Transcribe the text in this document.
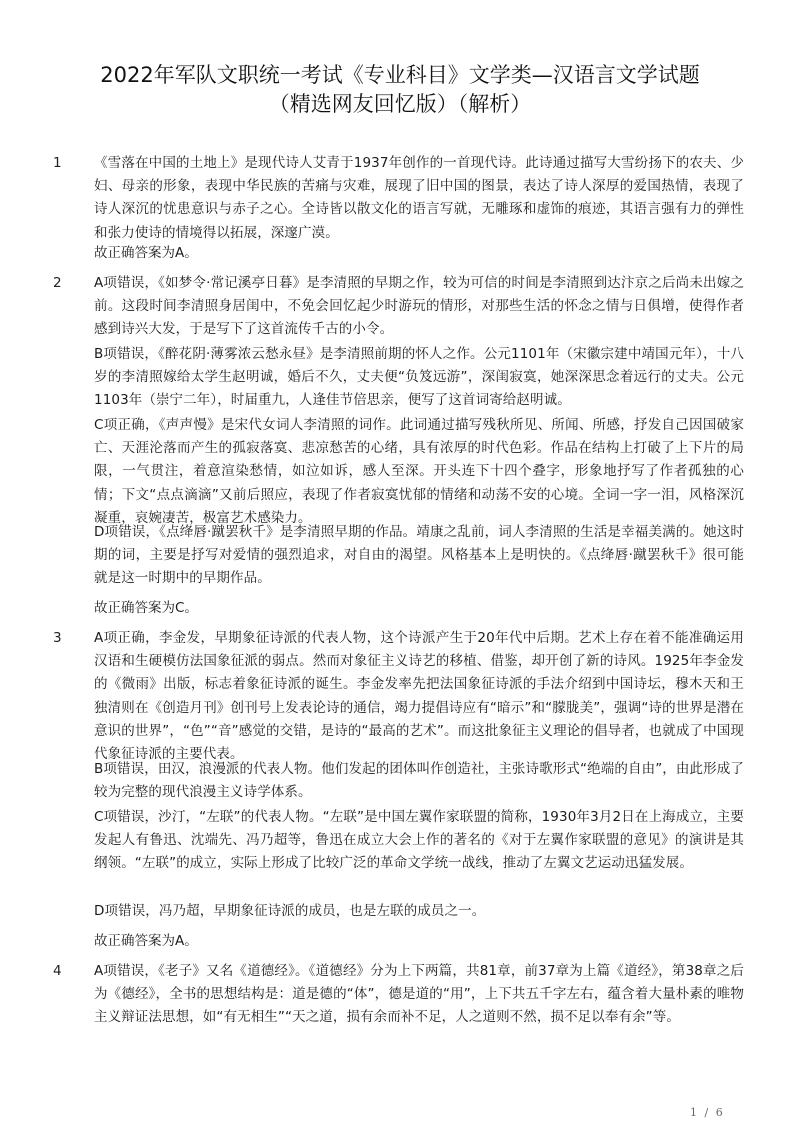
2022年军队文职统一考试《专业科目》文学类—汉语言文学试题
（精选网友回忆版）（解析）
1 《雪落在中国的土地上》是现代诗人艾青于1937年创作的一首现代诗。此诗通过描写大雪纷扬下的农夫、少妇、母亲的形象，表现中华民族的苦痛与灾难，展现了旧中国的图景，表达了诗人深厚的爱国热情，表现了诗人深沉的忧患意识与赤子之心。全诗皆以散文化的语言写就，无雕琢和虚饰的痕迹，其语言强有力的弹性和张力使诗的情境得以拓展，深邃广漠。
故正确答案为A。
2 A项错误，《如梦令·常记溪亭日暮》是李清照的早期之作，较为可信的时间是李清照到达汴京之后尚未出嫁之前。这段时间李清照身居闺中，不免会回忆起少时游玩的情形，对那些生活的怀念之情与日俱增，使得作者感到诗兴大发，于是写下了这首流传千古的小令。
B项错误，《醉花阴·薄雾浓云愁永昼》是李清照前期的怀人之作。公元1101年（宋徽宗建中靖国元年），十八岁的李清照嫁给太学生赵明诚，婚后不久，丈夫便“负笈远游”，深闺寂寞，她深深思念着远行的丈夫。公元1103年（崇宁二年），时届重九，人逢佳节倍思亲，便写了这首词寄给赵明诚。
C项正确，《声声慢》是宋代女词人李清照的词作。此词通过描写残秋所见、所闻、所感，抒发自己因国破家亡、天涯沦落而产生的孤寂落寞、悲凉愁苦的心绪，具有浓厚的时代色彩。作品在结构上打破了上下片的局限，一气贯注，着意渲染愁情，如泣如诉，感人至深。开头连下十四个叠字，形象地抒写了作者孤独的心情；下文“点点滴滴”又前后照应，表现了作者寂寞忧郁的情绪和动荡不安的心境。全词一字一泪，风格深沉凝重，哀婉凄苦，极富艺术感染力。
D项错误，《点绛唇·蹴罢秋千》是李清照早期的作品。靖康之乱前，词人李清照的生活是幸福美满的。她这时期的词，主要是抒写对爱情的强烈追求，对自由的渴望。风格基本上是明快的。《点绛唇·蹴罢秋千》很可能就是这一时期中的早期作品。
故正确答案为C。
3 A项正确，李金发，早期象征诗派的代表人物，这个诗派产生于20年代中后期。艺术上存在着不能准确运用汉语和生硬模仿法国象征派的弱点。然而对象征主义诗艺的移植、借鉴，却开创了新的诗风。1925年李金发的《微雨》出版，标志着象征诗派的诞生。李金发率先把法国象征诗派的手法介绍到中国诗坛，穆木天和王独清则在《创造月刊》创刊号上发表论诗的通信，竭力提倡诗应有“暗示”和“朦胧美”，强调“诗的世界是潜在意识的世界”，“色”“音”感觉的交错，是诗的“最高的艺术”。而这批象征主义理论的倡导者，也就成了中国现代象征诗派的主要代表。
B项错误，田汉，浪漫派的代表人物。他们发起的团体叫作创造社，主张诗歌形式“绝端的自由”，由此形成了较为完整的现代浪漫主义诗学体系。
C项错误，沙汀，“左联”的代表人物。“左联”是中国左翼作家联盟的简称，1930年3月2日在上海成立，主要发起人有鲁迅、沈端先、冯乃超等，鲁迅在成立大会上作的著名的《对于左翼作家联盟的意见》的演讲是其纲领。“左联”的成立，实际上形成了比较广泛的革命文学统一战线，推动了左翼文艺运动迅猛发展。
D项错误，冯乃超，早期象征诗派的成员，也是左联的成员之一。
故正确答案为A。
4 A项错误，《老子》又名《道德经》。《道德经》分为上下两篇，共81章，前37章为上篇《道经》，第38章之后为《德经》，全书的思想结构是：道是德的“体”，德是道的“用”，上下共五千字左右，蕴含着大量朴素的唯物主义辩证法思想，如“有无相生”“天之道，损有余而补不足，人之道则不然，损不足以奉有余”等。
1 / 6
